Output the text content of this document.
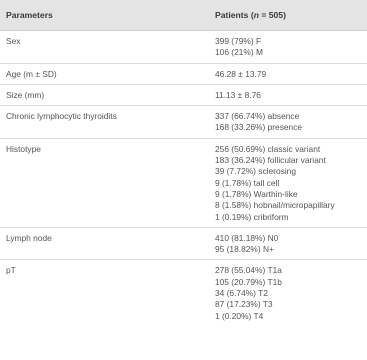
Parameters	Patients (n = 505)
Sex	399 (79%) F
106 (21%) M
Age (m ± SD)	46.28 ± 13.79
Size (mm)	11.13 ± 8.76
Chronic lymphocytic thyroidits	337 (66.74%) absence
168 (33.26%) presence
Histotype	256 (50.69%) classic variant
183 (36.24%) follicular variant
39 (7.72%) sclerosing
9 (1.78%) tall cell
9 (1.78%) Warthin-like
8 (1.58%) hobnail/micropapillary
1 (0.19%) cribriform
Lymph node	410 (81.18%) N0
95 (18.82%) N+
pT	278 (55.04%) T1a
105 (20.79%) T1b
34 (6.74%) T2
87 (17.23%) T3
1 (0.20%) T4
